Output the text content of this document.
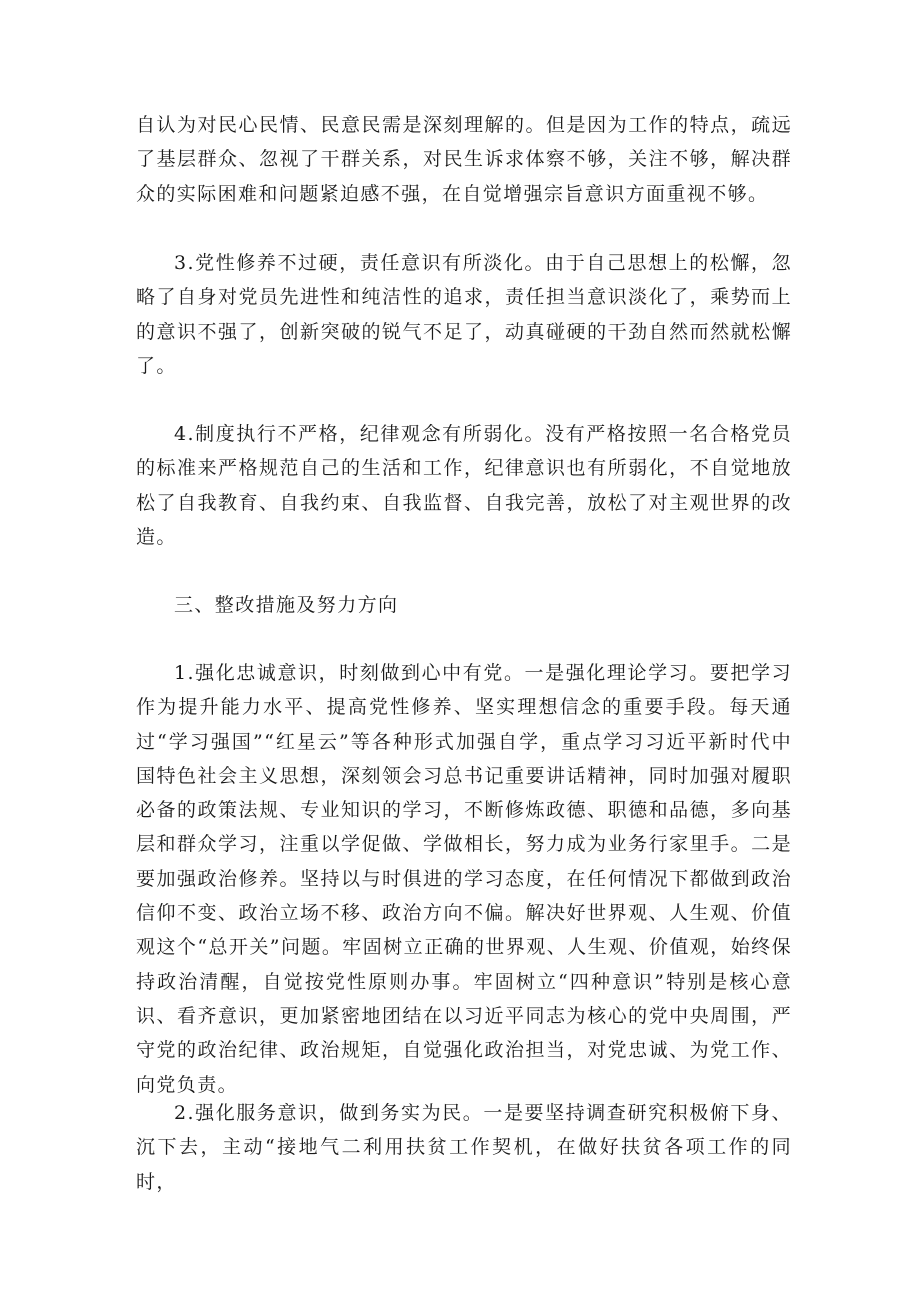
自认为对民心民情、民意民需是深刻理解的。但是因为工作的特点，疏远了基层群众、忽视了干群关系，对民生诉求体察不够，关注不够，解决群众的实际困难和问题紧迫感不强，在自觉增强宗旨意识方面重视不够。

3.党性修养不过硬，责任意识有所淡化。由于自己思想上的松懈，忽略了自身对党员先进性和纯洁性的追求，责任担当意识淡化了，乘势而上的意识不强了，创新突破的锐气不足了，动真碰硬的干劲自然而然就松懈了。

4.制度执行不严格，纪律观念有所弱化。没有严格按照一名合格党员的标准来严格规范自己的生活和工作，纪律意识也有所弱化，不自觉地放松了自我教育、自我约束、自我监督、自我完善，放松了对主观世界的改造。

三、整改措施及努力方向

1.强化忠诚意识，时刻做到心中有党。一是强化理论学习。要把学习作为提升能力水平、提高党性修养、坚实理想信念的重要手段。每天通过“学习强国”“红星云”等各种形式加强自学，重点学习习近平新时代中国特色社会主义思想，深刻领会习总书记重要讲话精神，同时加强对履职必备的政策法规、专业知识的学习，不断修炼政德、职德和品德，多向基层和群众学习，注重以学促做、学做相长，努力成为业务行家里手。二是要加强政治修养。坚持以与时俱进的学习态度，在任何情况下都做到政治信仰不变、政治立场不移、政治方向不偏。解决好世界观、人生观、价值观这个“总开关”问题。牢固树立正确的世界观、人生观、价值观，始终保持政治清醒，自觉按党性原则办事。牢固树立“四种意识”特别是核心意识、看齐意识，更加紧密地团结在以习近平同志为核心的党中央周围，严守党的政治纪律、政治规矩，自觉强化政治担当，对党忠诚、为党工作、向党负责。

2.强化服务意识，做到务实为民。一是要坚持调查研究积极俯下身、沉下去，主动“接地气二利用扶贫工作契机，在做好扶贫各项工作的同时，
